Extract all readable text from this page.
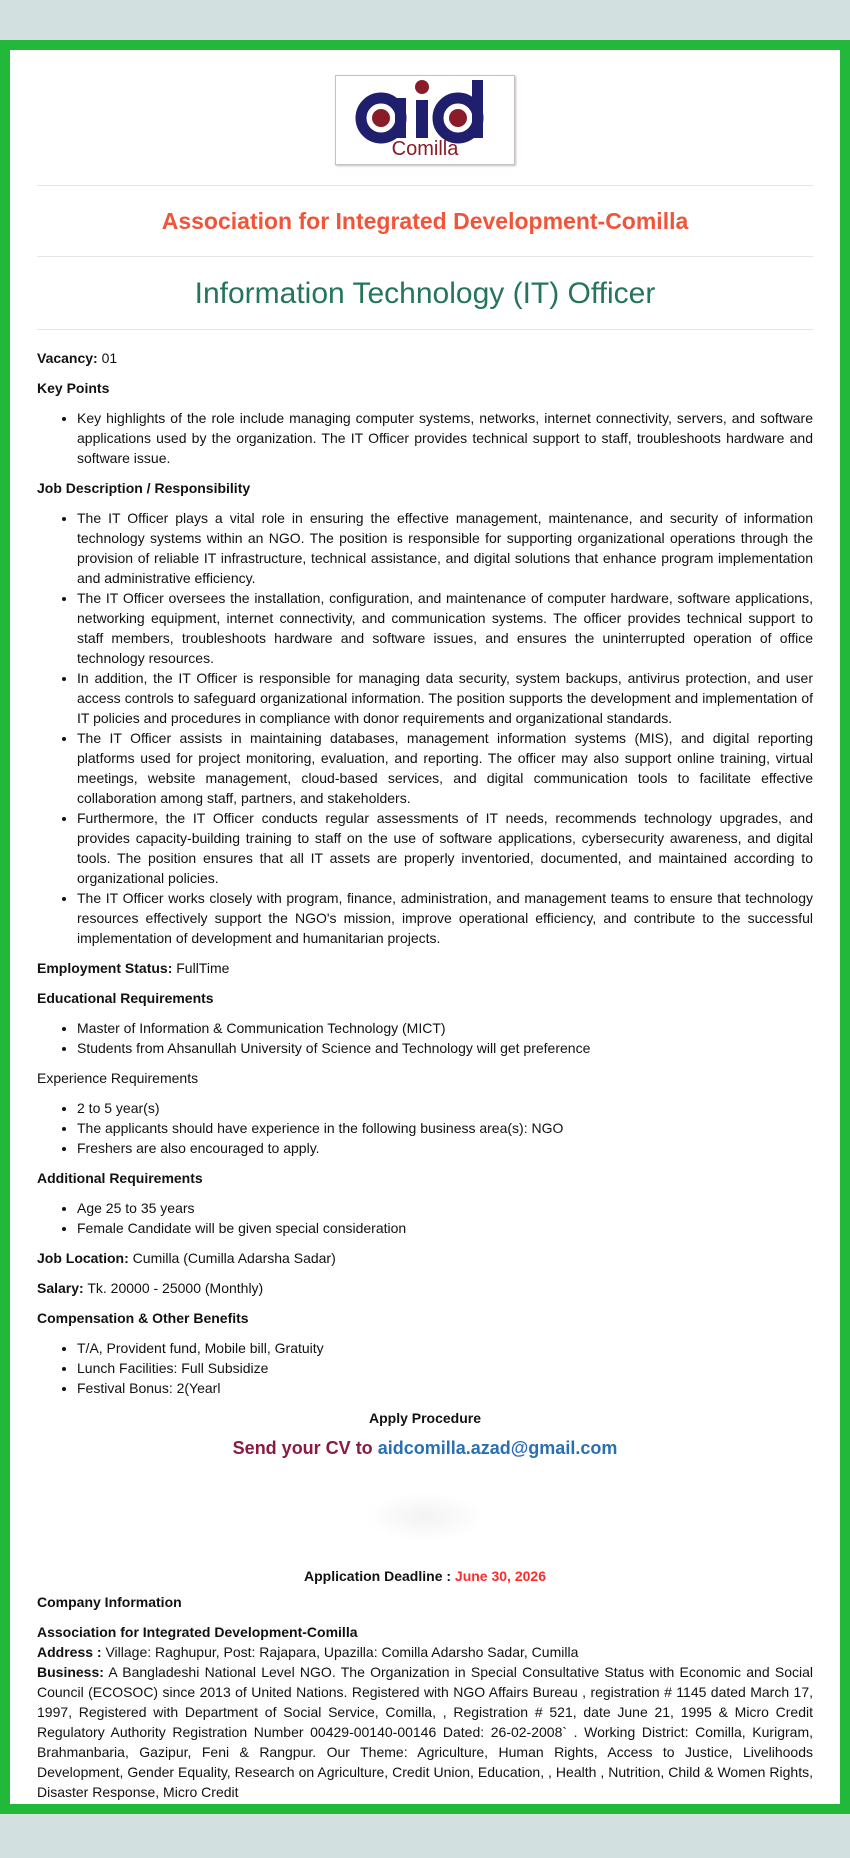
Comilla
Association for Integrated Development-Comilla
Information Technology (IT) Officer

Vacancy: 01

Key Points
• Key highlights of the role include managing computer systems, networks, internet connectivity, servers, and software applications used by the organization. The IT Officer provides technical support to staff, troubleshoots hardware and software issue.
Job Description / Responsibility
• The IT Officer plays a vital role in ensuring the effective management, maintenance, and security of information technology systems within an NGO. The position is responsible for supporting organizational operations through the provision of reliable IT infrastructure, technical assistance, and digital solutions that enhance program implementation and administrative efficiency.
• The IT Officer oversees the installation, configuration, and maintenance of computer hardware, software applications, networking equipment, internet connectivity, and communication systems. The officer provides technical support to staff members, troubleshoots hardware and software issues, and ensures the uninterrupted operation of office technology resources.
• In addition, the IT Officer is responsible for managing data security, system backups, antivirus protection, and user access controls to safeguard organizational information. The position supports the development and implementation of IT policies and procedures in compliance with donor requirements and organizational standards.
• The IT Officer assists in maintaining databases, management information systems (MIS), and digital reporting platforms used for project monitoring, evaluation, and reporting. The officer may also support online training, virtual meetings, website management, cloud-based services, and digital communication tools to facilitate effective collaboration among staff, partners, and stakeholders.
• Furthermore, the IT Officer conducts regular assessments of IT needs, recommends technology upgrades, and provides capacity-building training to staff on the use of software applications, cybersecurity awareness, and digital tools. The position ensures that all IT assets are properly inventoried, documented, and maintained according to organizational policies.
• The IT Officer works closely with program, finance, administration, and management teams to ensure that technology resources effectively support the NGO's mission, improve operational efficiency, and contribute to the successful implementation of development and humanitarian projects.

Employment Status: FullTime

Educational Requirements
• Master of Information & Communication Technology (MICT)
• Students from Ahsanullah University of Science and Technology will get preference
Experience Requirements
• 2 to 5 year(s)
• The applicants should have experience in the following business area(s): NGO
• Freshers are also encouraged to apply.
Additional Requirements
• Age 25 to 35 years
• Female Candidate will be given special consideration

Job Location: Cumilla (Cumilla Adarsha Sadar)

Salary: Tk. 20000 - 25000 (Monthly)

Compensation & Other Benefits
• T/A, Provident fund, Mobile bill, Gratuity
• Lunch Facilities: Full Subsidize
• Festival Bonus: 2(Yearl
Apply Procedure
Send your CV to aidcomilla.azad@gmail.com
Application Deadline : June 30, 2026
Company Information

Association for Integrated Development-Comilla

Address : Village: Raghupur, Post: Rajapara, Upazilla: Comilla Adarsho Sadar, Cumilla

Business: A Bangladeshi National Level NGO. The Organization in Special Consultative Status with Economic and Social Council (ECOSOC) since 2013 of United Nations. Registered with NGO Affairs Bureau , registration # 1145 dated March 17, 1997, Registered with Department of Social Service, Comilla, , Registration # 521, date June 21, 1995 & Micro Credit Regulatory Authority Registration Number 00429-00140-00146 Dated: 26-02-2008` . Working District: Comilla, Kurigram, Brahmanbaria, Gazipur, Feni & Rangpur. Our Theme: Agriculture, Human Rights, Access to Justice, Livelihoods Development, Gender Equality, Research on Agriculture, Credit Union, Education, , Health , Nutrition, Child & Women Rights, Disaster Response, Micro Credit
